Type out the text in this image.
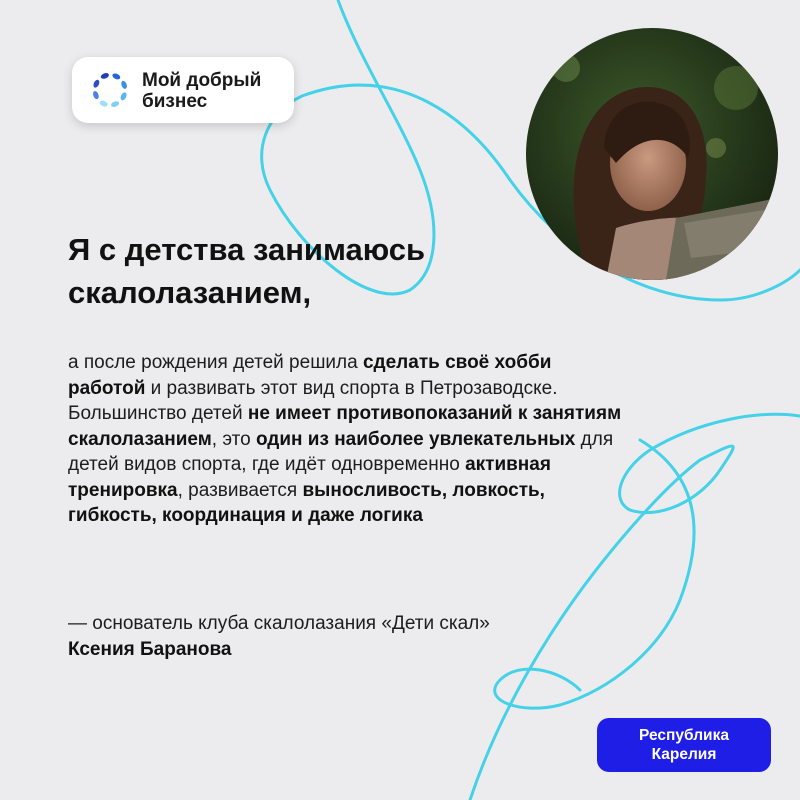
Мой добрый
бизнес
Я с детства занимаюсь скалолазанием,

а после рождения детей решила сделать своё хобби работой и развивать этот вид спорта в Петрозаводске. Большинство детей не имеет противопоказаний к занятиям скалолазанием, это один из наиболее увлекательных для детей видов спорта, где идёт одновременно активная тренировка, развивается выносливость, ловкость, гибкость, координация и даже логика

— основатель клуба скалолазания «Дети скал» Ксения Баранова

Республика
Карелия
